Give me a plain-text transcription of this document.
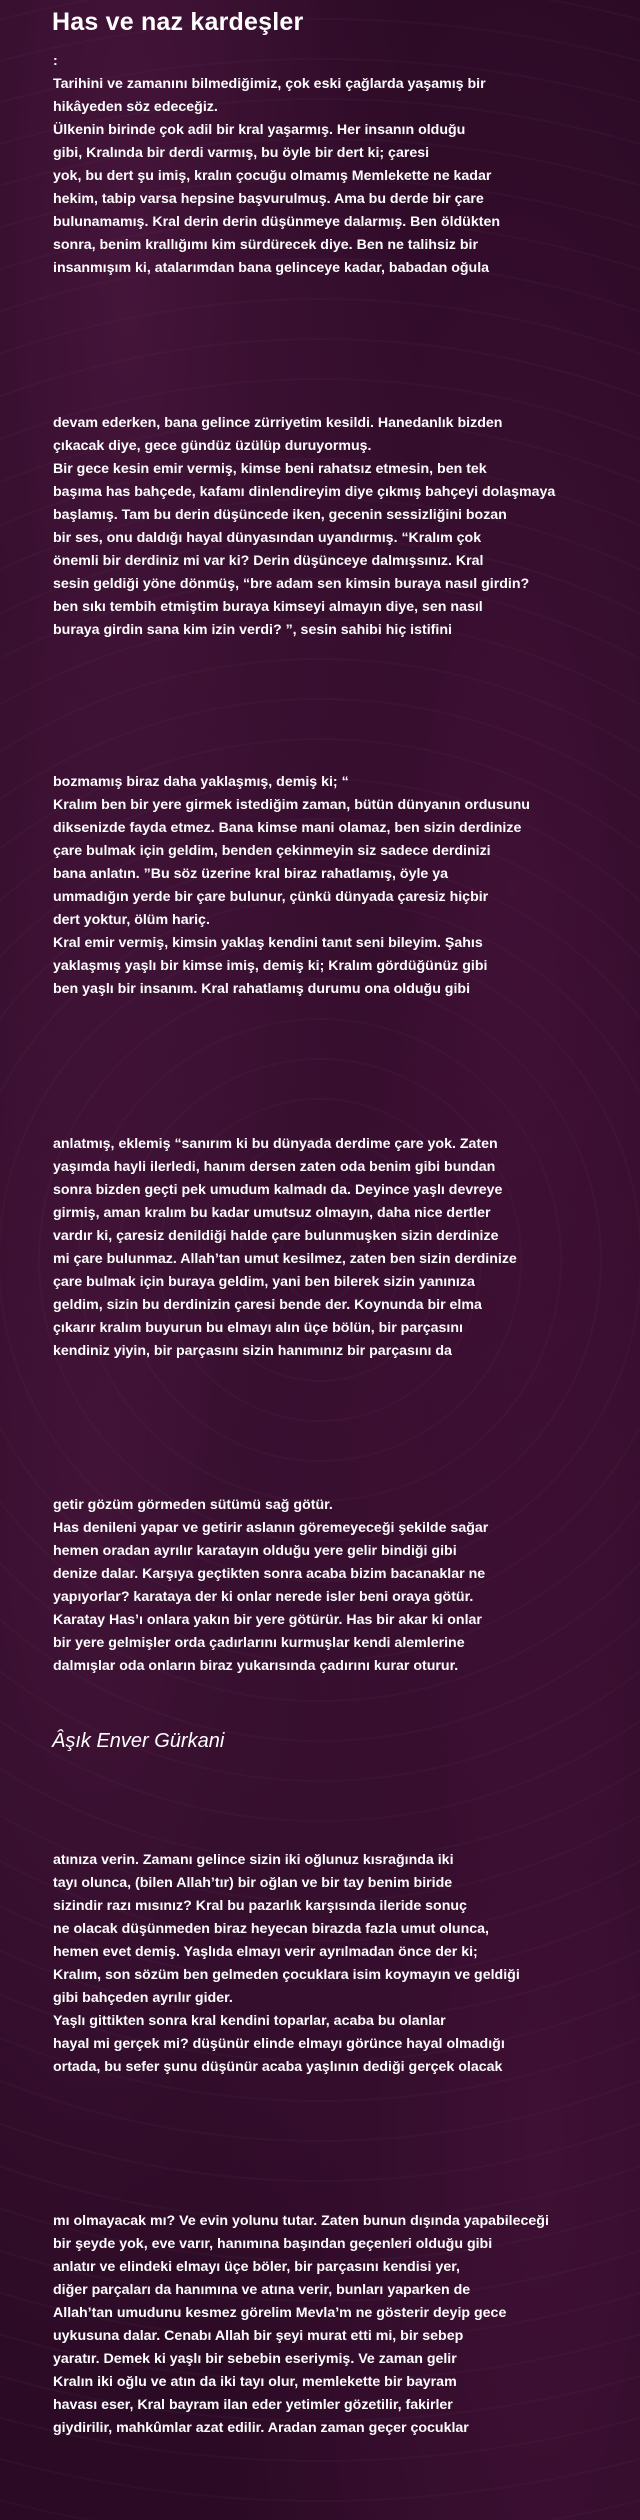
Has ve naz kardeşler
:
Tarihini ve zamanını bilmediğimiz, çok eski çağlarda yaşamış bir
hikâyeden söz edeceğiz.
Ülkenin birinde çok adil bir kral yaşarmış. Her insanın olduğu
gibi, Kralında bir derdi varmış, bu öyle bir dert ki; çaresi
yok, bu dert şu imiş, kralın çocuğu olmamış Memlekette ne kadar
hekim, tabip varsa hepsine başvurulmuş. Ama bu derde bir çare
bulunamamış. Kral derin derin düşünmeye dalarmış. Ben öldükten
sonra, benim krallığımı kim sürdürecek diye. Ben ne talihsiz bir
insanmışım ki, atalarımdan bana gelinceye kadar, babadan oğula
devam ederken, bana gelince zürriyetim kesildi. Hanedanlık bizden
çıkacak diye, gece gündüz üzülüp duruyormuş.
Bir gece kesin emir vermiş, kimse beni rahatsız etmesin, ben tek
başıma has bahçede, kafamı dinlendireyim diye çıkmış bahçeyi dolaşmaya
başlamış. Tam bu derin düşüncede iken, gecenin sessizliğini bozan
bir ses, onu daldığı hayal dünyasından uyandırmış. “Kralım çok
önemli bir derdiniz mi var ki? Derin düşünceye dalmışsınız. Kral
sesin geldiği yöne dönmüş, “bre adam sen kimsin buraya nasıl girdin?
ben sıkı tembih etmiştim buraya kimseyi almayın diye, sen nasıl
buraya girdin sana kim izin verdi? ”, sesin sahibi hiç istifini
bozmamış biraz daha yaklaşmış, demiş ki; “
Kralım ben bir yere girmek istediğim zaman, bütün dünyanın ordusunu
diksenizde fayda etmez. Bana kimse mani olamaz, ben sizin derdinize
çare bulmak için geldim, benden çekinmeyin siz sadece derdinizi
bana anlatın. ”Bu söz üzerine kral biraz rahatlamış, öyle ya
ummadığın yerde bir çare bulunur, çünkü dünyada çaresiz hiçbir
dert yoktur, ölüm hariç.
Kral emir vermiş, kimsin yaklaş kendini tanıt seni bileyim. Şahıs
yaklaşmış yaşlı bir kimse imiş, demiş ki; Kralım gördüğünüz gibi
ben yaşlı bir insanım. Kral rahatlamış durumu ona olduğu gibi
anlatmış, eklemiş “sanırım ki bu dünyada derdime çare yok. Zaten
yaşımda hayli ilerledi, hanım dersen zaten oda benim gibi bundan
sonra bizden geçti pek umudum kalmadı da. Deyince yaşlı devreye
girmiş, aman kralım bu kadar umutsuz olmayın, daha nice dertler
vardır ki, çaresiz denildiği halde çare bulunmuşken sizin derdinize
mi çare bulunmaz. Allah’tan umut kesilmez, zaten ben sizin derdinize
çare bulmak için buraya geldim, yani ben bilerek sizin yanınıza
geldim, sizin bu derdinizin çaresi bende der. Koynunda bir elma
çıkarır kralım buyurun bu elmayı alın üçe bölün, bir parçasını
kendiniz yiyin, bir parçasını sizin hanımınız bir parçasını da
getir gözüm görmeden sütümü sağ götür.
Has denileni yapar ve getirir aslanın göremeyeceği şekilde sağar
hemen oradan ayrılır karatayın olduğu yere gelir bindiği gibi
denize dalar. Karşıya geçtikten sonra acaba bizim bacanaklar ne
yapıyorlar? karataya der ki onlar nerede isler beni oraya götür.
Karatay Has’ı onlara yakın bir yere götürür. Has bir akar ki onlar
bir yere gelmişler orda çadırlarını kurmuşlar kendi alemlerine
dalmışlar oda onların biraz yukarısında çadırını kurar oturur.
Âşık Enver Gürkani
atınıza verin. Zamanı gelince sizin iki oğlunuz kısrağında iki
tayı olunca, (bilen Allah’tır) bir oğlan ve bir tay benim biride
sizindir razı mısınız? Kral bu pazarlık karşısında ileride sonuç
ne olacak düşünmeden biraz heyecan birazda fazla umut olunca,
hemen evet demiş. Yaşlıda elmayı verir ayrılmadan önce der ki;
Kralım, son sözüm ben gelmeden çocuklara isim koymayın ve geldiği
gibi bahçeden ayrılır gider.
Yaşlı gittikten sonra kral kendini toparlar, acaba bu olanlar
hayal mi gerçek mi? düşünür elinde elmayı görünce hayal olmadığı
ortada, bu sefer şunu düşünür acaba yaşlının dediği gerçek olacak
mı olmayacak mı? Ve evin yolunu tutar. Zaten bunun dışında yapabileceği
bir şeyde yok, eve varır, hanımına başından geçenleri olduğu gibi
anlatır ve elindeki elmayı üçe böler, bir parçasını kendisi yer,
diğer parçaları da hanımına ve atına verir, bunları yaparken de
Allah’tan umudunu kesmez görelim Mevla’m ne gösterir deyip gece
uykusuna dalar. Cenabı Allah bir şeyi murat etti mi, bir sebep
yaratır. Demek ki yaşlı bir sebebin eseriymiş. Ve zaman gelir
Kralın iki oğlu ve atın da iki tayı olur, memlekette bir bayram
havası eser, Kral bayram ilan eder yetimler gözetilir, fakirler
giydirilir, mahkûmlar azat edilir. Aradan zaman geçer çocuklar
